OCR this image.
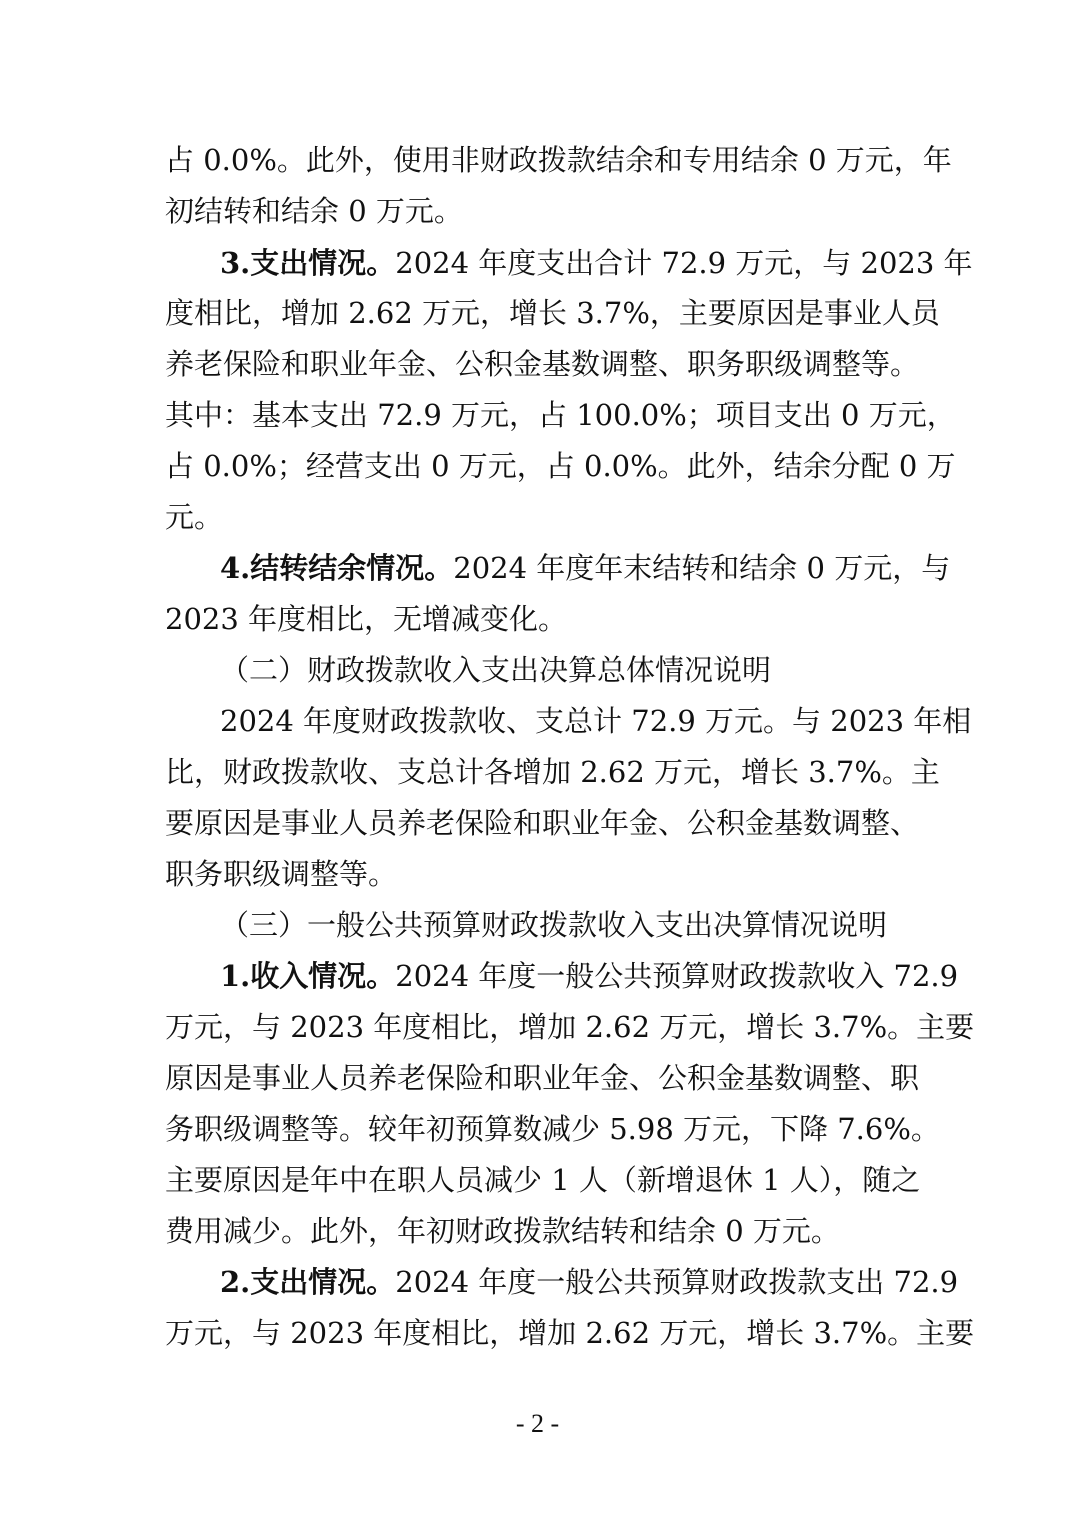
占 0.0%。此外，使用非财政拨款结余和专用结余 0 万元，年
初结转和结余 0 万元。
3.支出情况。2024 年度支出合计 72.9 万元，与 2023 年
度相比，增加 2.62 万元，增长 3.7%，主要原因是事业人员
养老保险和职业年金、公积金基数调整、职务职级调整等。
其中：基本支出 72.9 万元，占 100.0%；项目支出 0 万元，
占 0.0%；经营支出 0 万元，占 0.0%。此外，结余分配 0 万
元。
4.结转结余情况。2024 年度年末结转和结余 0 万元，与
2023 年度相比，无增减变化。
（二）财政拨款收入支出决算总体情况说明
2024 年度财政拨款收、支总计 72.9 万元。与 2023 年相
比，财政拨款收、支总计各增加 2.62 万元，增长 3.7%。主
要原因是事业人员养老保险和职业年金、公积金基数调整、
职务职级调整等。
（三）一般公共预算财政拨款收入支出决算情况说明
1.收入情况。2024 年度一般公共预算财政拨款收入 72.9
万元，与 2023 年度相比，增加 2.62 万元，增长 3.7%。主要
原因是事业人员养老保险和职业年金、公积金基数调整、职
务职级调整等。较年初预算数减少 5.98 万元，下降 7.6%。
主要原因是年中在职人员减少 1 人（新增退休 1 人），随之
费用减少。此外，年初财政拨款结转和结余 0 万元。
2.支出情况。2024 年度一般公共预算财政拨款支出 72.9
万元，与 2023 年度相比，增加 2.62 万元，增长 3.7%。主要
- 2 -
